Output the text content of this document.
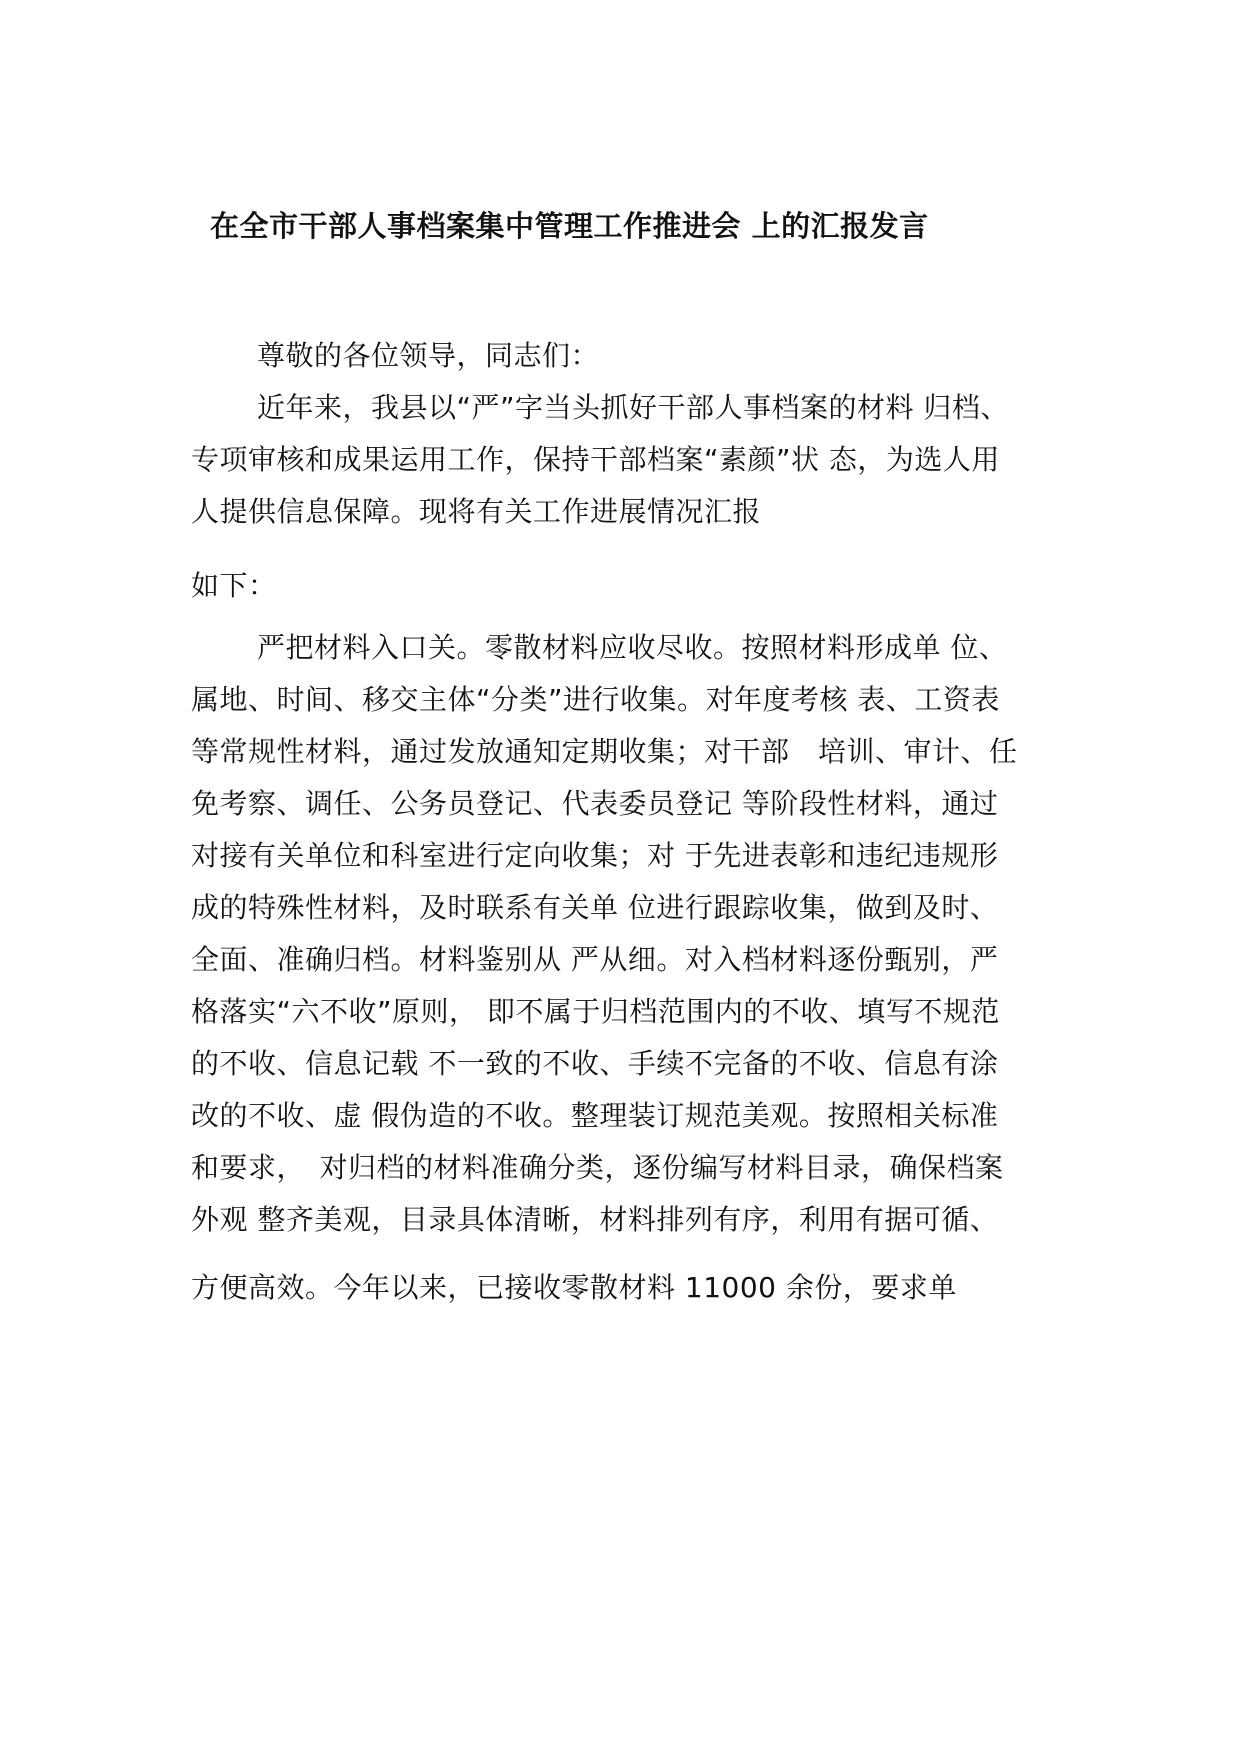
在全市干部人事档案集中管理工作推进会 上的汇报发言
尊敬的各位领导，同志们：
近年来，我县以“严”字当头抓好干部人事档案的材料 归档、
专项审核和成果运用工作，保持干部档案“素颜”状 态，为选人用
人提供信息保障。现将有关工作进展情况汇报
如下：
严把材料入口关。零散材料应收尽收。按照材料形成单 位、
属地、时间、移交主体“分类”进行收集。对年度考核 表、工资表
等常规性材料，通过发放通知定期收集；对干部　培训、审计、任
免考察、调任、公务员登记、代表委员登记 等阶段性材料，通过
对接有关单位和科室进行定向收集；对 于先进表彰和违纪违规形
成的特殊性材料，及时联系有关单 位进行跟踪收集，做到及时、
全面、准确归档。材料鉴别从 严从细。对入档材料逐份甄别，严
格落实“六不收”原则， 即不属于归档范围内的不收、填写不规范
的不收、信息记载 不一致的不收、手续不完备的不收、信息有涂
改的不收、虚 假伪造的不收。整理装订规范美观。按照相关标准
和要求，　对归档的材料准确分类，逐份编写材料目录，确保档案
外观 整齐美观，目录具体清晰，材料排列有序，利用有据可循、
方便高效。今年以来，已接收零散材料 11000 余份，要求单
